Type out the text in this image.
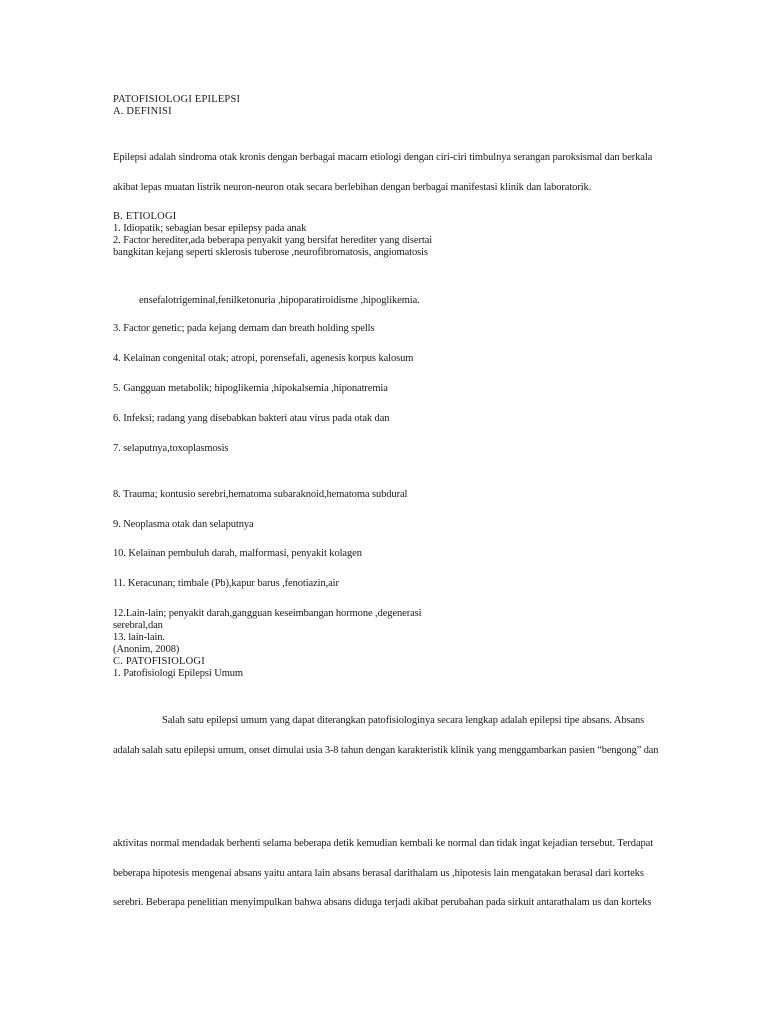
PATOFISIOLOGI EPILEPSI
A. DEFINISI
Epilepsi adalah sindroma otak kronis dengan berbagai macam etiologi dengan ciri-ciri timbulnya serangan paroksismal dan berkala
akibat lepas muatan listrik neuron-neuron otak secara berlebihan dengan berbagai manifestasi klinik dan laboratorik.
B. ETIOLOGI
1. Idiopatik; sebagian besar epilepsy pada anak
2. Factor herediter,ada beberapa penyakit yang bersifat herediter yang disertai
bangkitan kejang seperti sklerosis tuberose ,neurofibromatosis, angiomatosis
ensefalotrigeminal,fenilketonuria ,hipoparatiroidisme ,hipoglikemia.
3. Factor genetic; pada kejang demam dan breath holding spells
4. Kelainan congenital otak; atropi, porensefali, agenesis korpus kalosum
5. Gangguan metabolik; hipoglikemia ,hipokalsemia ,hiponatremia
6. Infeksi; radang yang disebabkan bakteri atau virus pada otak dan
7. selaputnya,toxoplasmosis
8. Trauma; kontusio serebri,hematoma subaraknoid,hematoma subdural
9. Neoplasma otak dan selaputnya
10. Kelainan pembuluh darah, malformasi, penyakit kolagen
11. Keracunan; timbale (Pb),kapur barus ,fenotiazin,air
12.Lain-lain; penyakit darah,gangguan keseimbangan hormone ,degenerasi
serebral,dan
13. lain-lain.
(Anonim, 2008)
C. PATOFISIOLOGI
1. Patofisiologi Epilepsi Umum
Salah satu epilepsi umum yang dapat diterangkan patofisiologinya secara lengkap adalah epilepsi tipe absans. Absans
adalah salah satu epilepsi umum, onset dimulai usia 3-8 tahun dengan karakteristik klinik yang menggambarkan pasien “bengong” dan
aktivitas normal mendadak berhenti selama beberapa detik kemudian kembali ke normal dan tidak ingat kejadian tersebut. Terdapat
beberapa hipotesis mengenai absans yaitu antara lain absans berasal darithalam us ,hipotesis lain mengatakan berasal dari korteks
serebri. Beberapa penelitian menyimpulkan bahwa absans diduga terjadi akibat perubahan pada sirkuit antarathalam us dan korteks
